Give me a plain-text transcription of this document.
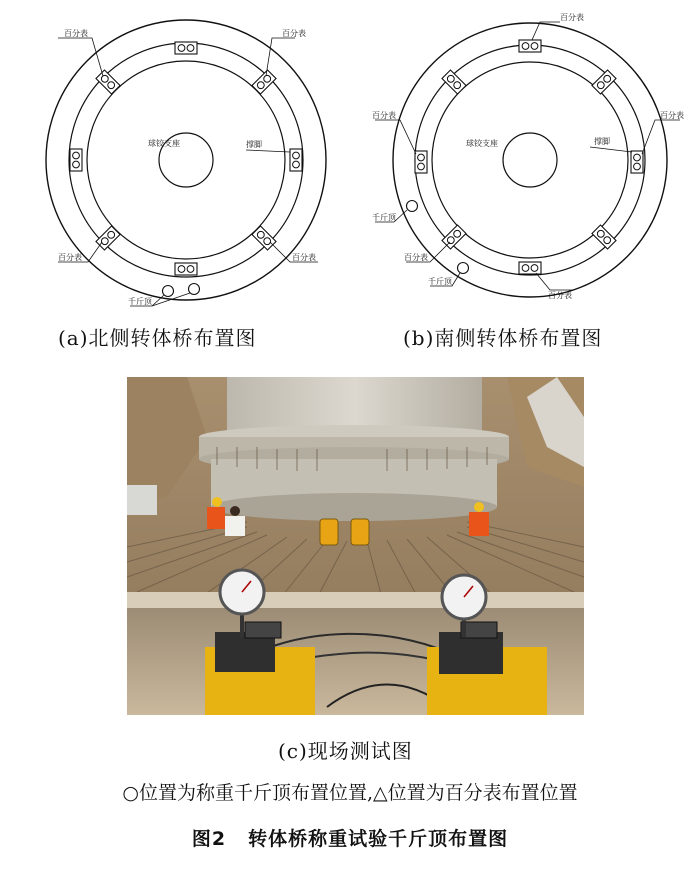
百分表	百分表
球铰支座	撑脚
百分表	百分表
千斤顶
(a)北侧转体桥布置图
百分表
百分表	百分表
球铰支座	撑脚
千斤顶
百分表
千斤顶
百分表
(b)南侧转体桥布置图
(c)现场测试图
○位置为称重千斤顶布置位置,△位置为百分表布置位置
图2 转体桥称重试验千斤顶布置图
